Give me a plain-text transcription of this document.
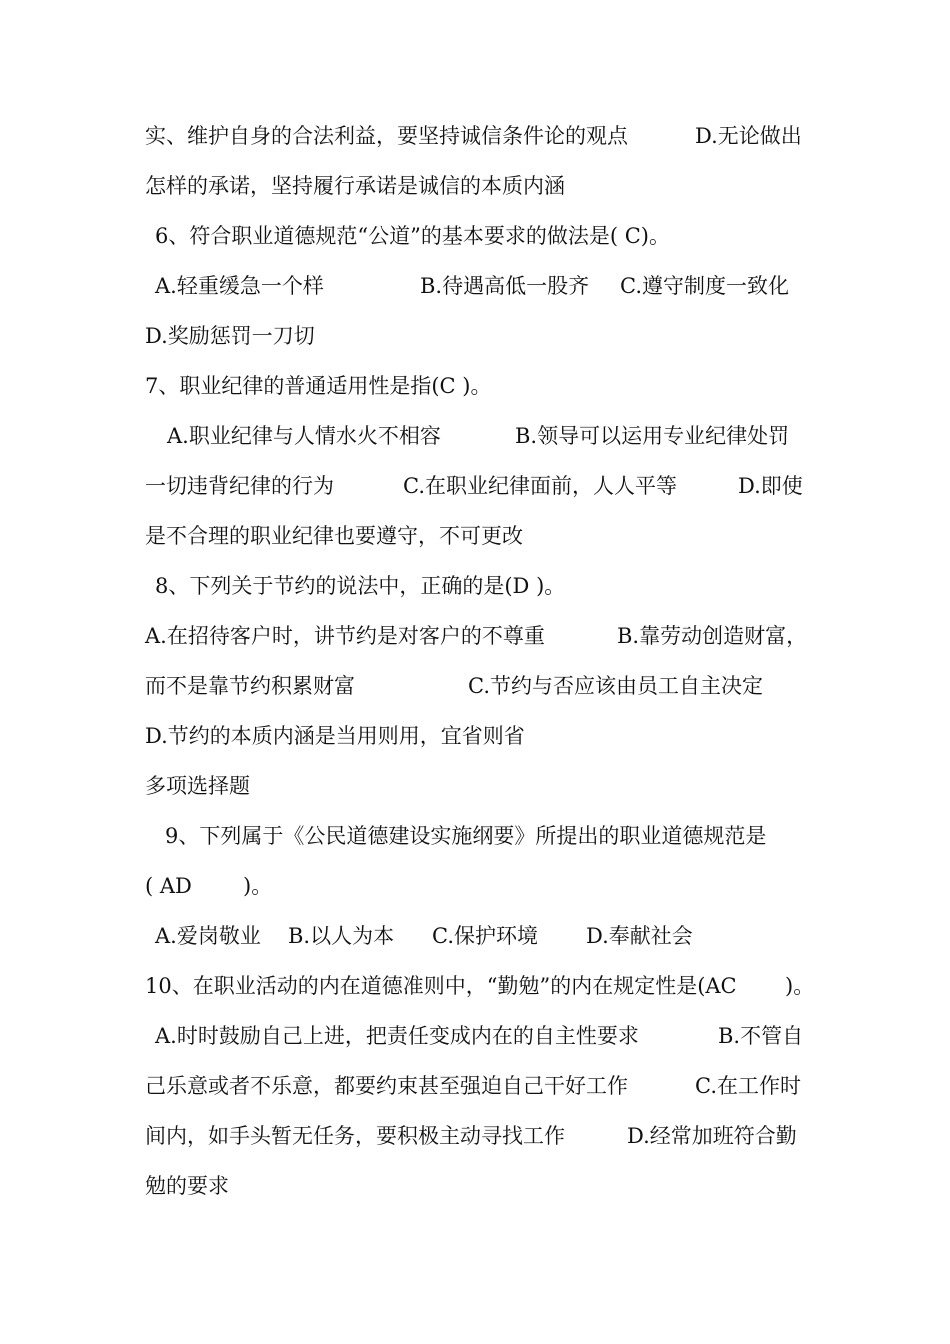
实、维护自身的合法利益，要坚持诚信条件论的观点

	D.无论做出

怎样的承诺，坚持履行承诺是诚信的本质内涵

6、符合职业道德规范“公道”的基本要求的做法是( C)。

A.轻重缓急一个样

	B.待遇高低一股齐

C.遵守制度一致化

D.奖励惩罚一刀切

7、职业纪律的普通适用性是指(C )。

A.职业纪律与人情水火不相容

	B.领导可以运用专业纪律处罚

一切违背纪律的行为

	C.在职业纪律面前，人人平等

	D.即使

是不合理的职业纪律也要遵守，不可更改

8、下列关于节约的说法中，正确的是(D )。

A.在招待客户时，讲节约是对客户的不尊重

	B.靠劳动创造财富，

而不是靠节约积累财富

	C.节约与否应该由员工自主决定

D.节约的本质内涵是当用则用，宜省则省

多项选择题

9、下列属于《公民道德建设实施纲要》所提出的职业道德规范是

( AD

)。

A.爱岗敬业

B.以人为本

C.保护环境

D.奉献社会

10、在职业活动的内在道德准则中，“勤勉”的内在规定性是(AC

)。

A.时时鼓励自己上进，把责任变成内在的自主性要求

	B.不管自

己乐意或者不乐意，都要约束甚至强迫自己干好工作

	C.在工作时

间内，如手头暂无任务，要积极主动寻找工作

	D.经常加班符合勤

勉的要求
